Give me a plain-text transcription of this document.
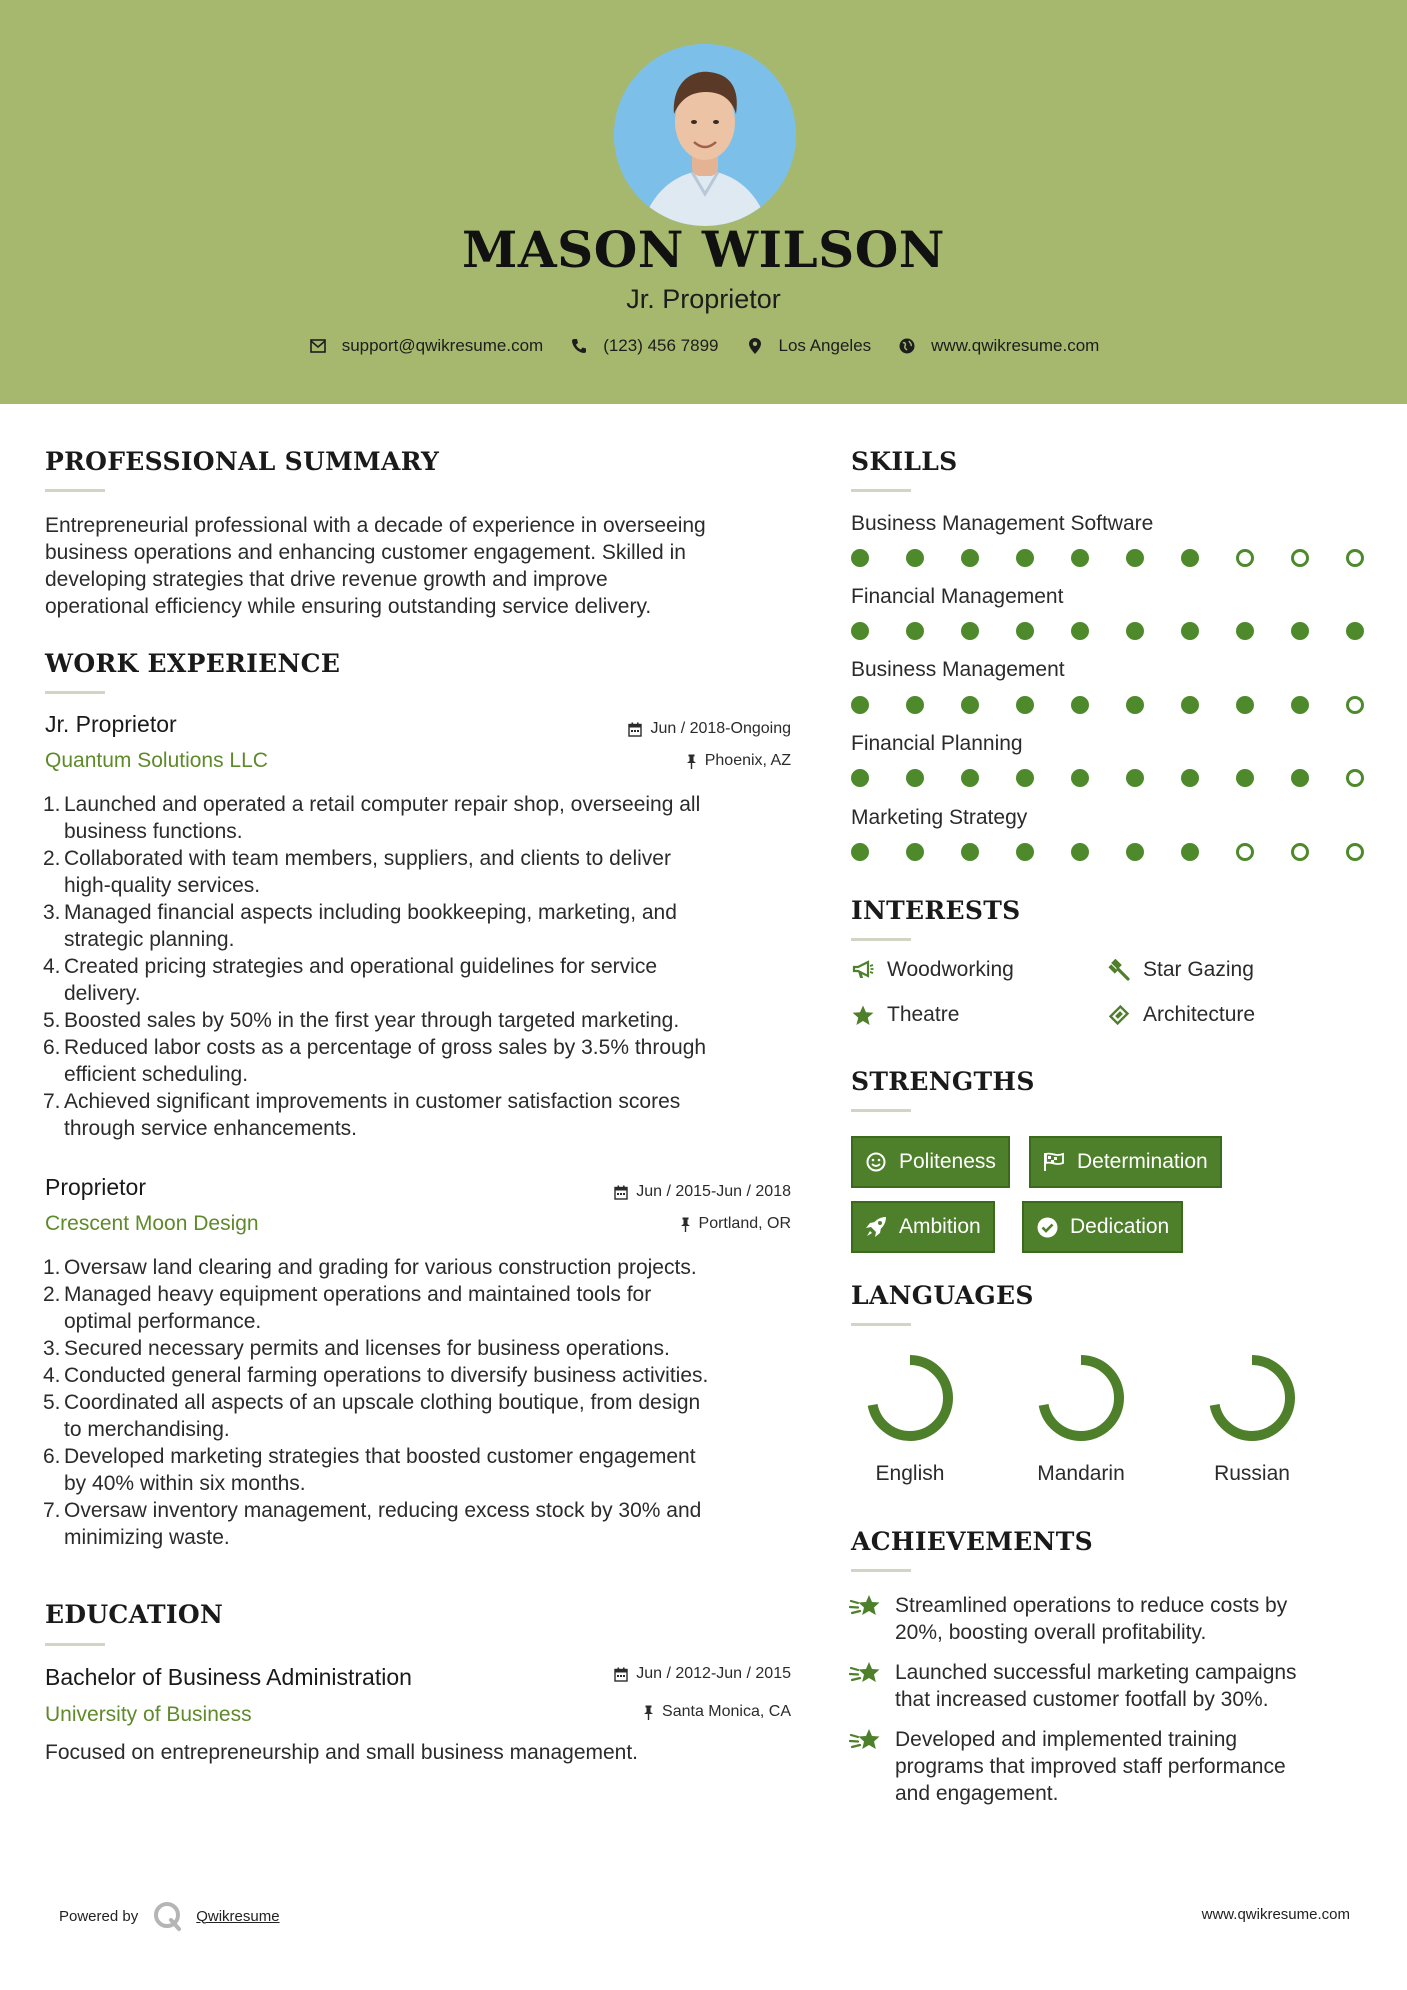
MASON WILSON
Jr. Proprietor
support@qwikresume.com	(123) 456 7899	Los Angeles	www.qwikresume.com
PROFESSIONAL SUMMARY
Entrepreneurial professional with a decade of experience in overseeing
business operations and enhancing customer engagement. Skilled in
developing strategies that drive revenue growth and improve
operational efficiency while ensuring outstanding service delivery.
WORK EXPERIENCE
Jr. Proprietor	Jun / 2018-Ongoing
Quantum Solutions LLC	Phoenix, AZ
1. Launched and operated a retail computer repair shop, overseeing all
business functions.
2. Collaborated with team members, suppliers, and clients to deliver
high-quality services.
3. Managed financial aspects including bookkeeping, marketing, and
strategic planning.
4. Created pricing strategies and operational guidelines for service
delivery.
5. Boosted sales by 50% in the first year through targeted marketing.
6. Reduced labor costs as a percentage of gross sales by 3.5% through
efficient scheduling.
7. Achieved significant improvements in customer satisfaction scores
through service enhancements.
Proprietor	Jun / 2015-Jun / 2018
Crescent Moon Design	Portland, OR
1. Oversaw land clearing and grading for various construction projects.
2. Managed heavy equipment operations and maintained tools for
optimal performance.
3. Secured necessary permits and licenses for business operations.
4. Conducted general farming operations to diversify business activities.
5. Coordinated all aspects of an upscale clothing boutique, from design
to merchandising.
6. Developed marketing strategies that boosted customer engagement
by 40% within six months.
7. Oversaw inventory management, reducing excess stock by 30% and
minimizing waste.
EDUCATION
Bachelor of Business Administration	Jun / 2012-Jun / 2015
University of Business	Santa Monica, CA
Focused on entrepreneurship and small business management.
SKILLS
Business Management Software
Financial Management
Business Management
Financial Planning
Marketing Strategy
INTERESTS
Woodworking	Star Gazing
Theatre	Architecture
STRENGTHS
Politeness	Determination
Ambition	Dedication
LANGUAGES
English	Mandarin	Russian
ACHIEVEMENTS
Streamlined operations to reduce costs by
20%, boosting overall profitability.
Launched successful marketing campaigns
that increased customer footfall by 30%.
Developed and implemented training
programs that improved staff performance
and engagement.
Powered by	Qwikresume	www.qwikresume.com
